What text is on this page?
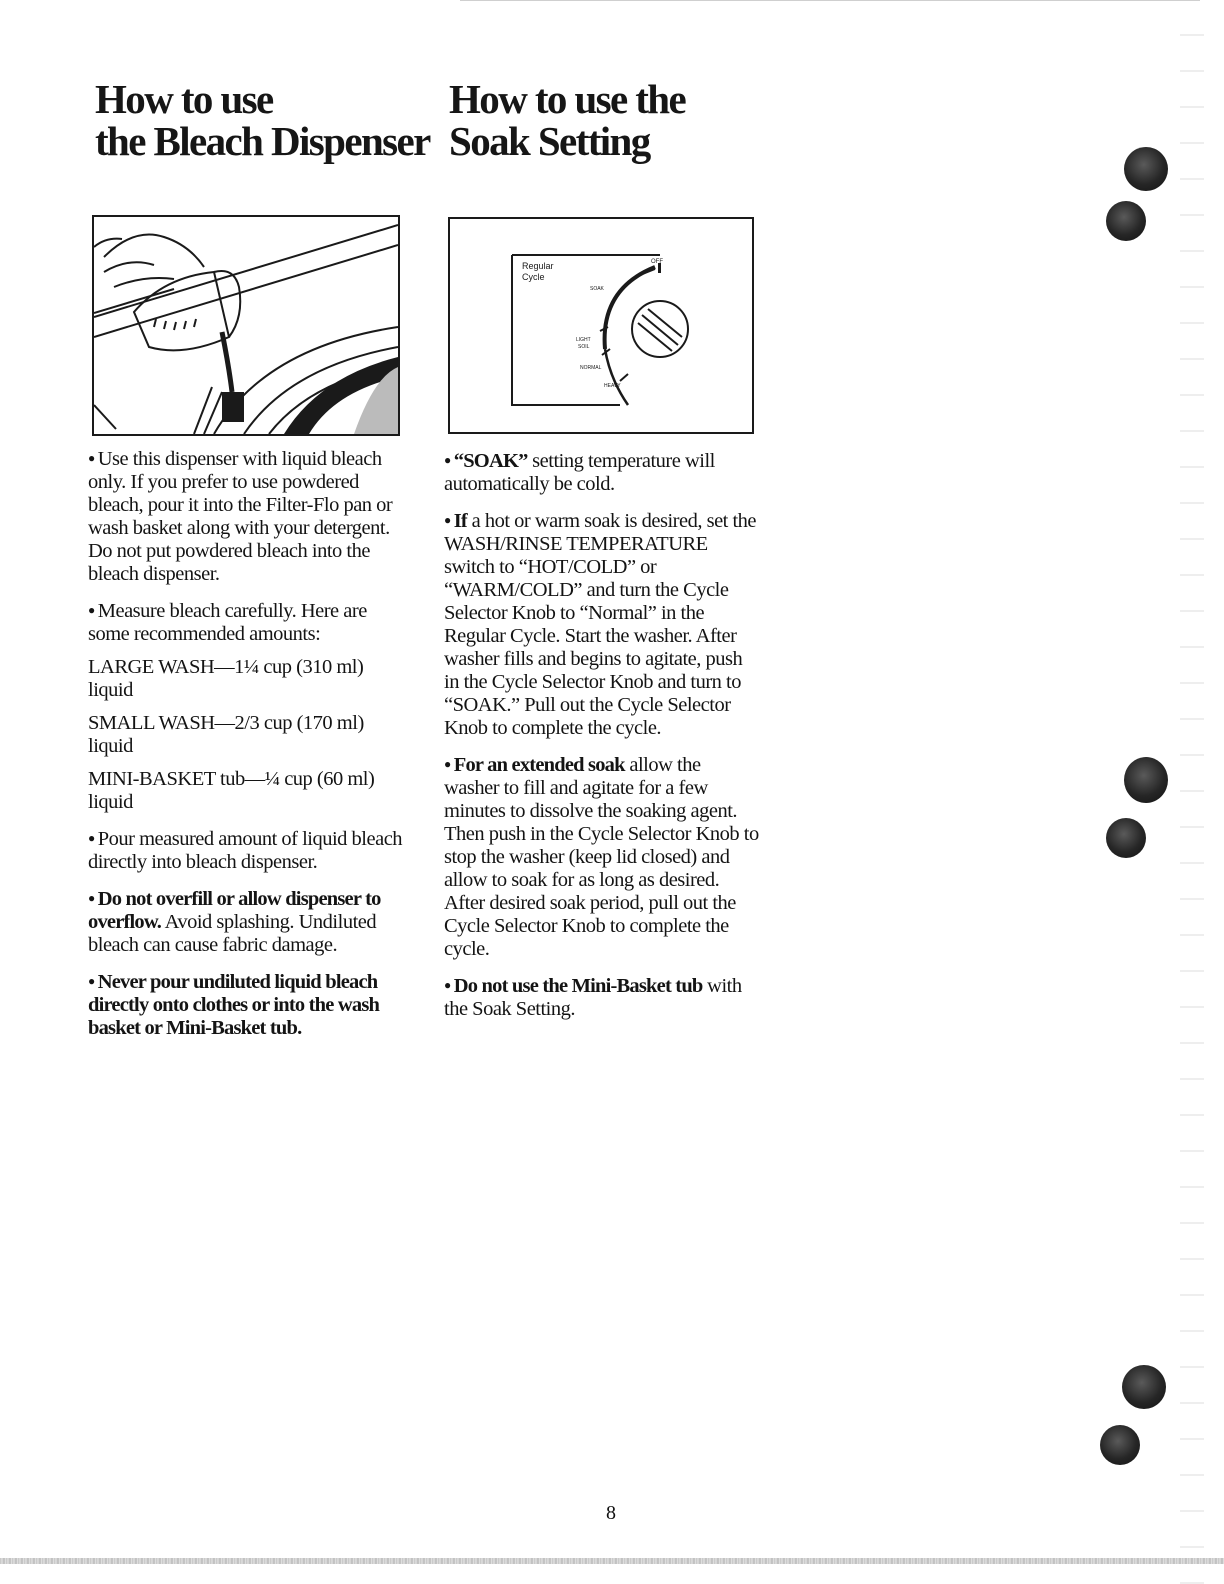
How to use
the Bleach Dispenser
How to use the
Soak Setting
Regular
Cycle
OFF
SOAK
LIGHT
SOIL
NORMAL
HEAVY

● Use this dispenser with liquid bleach only. If you prefer to use powdered bleach, pour it into the Filter-Flo pan or wash basket along with your detergent. Do not put powdered bleach into the bleach dispenser.

● Measure bleach carefully. Here are some recommended amounts:

LARGE WASH—1¼ cup (310 ml) liquid

SMALL WASH—2/3 cup (170 ml) liquid

MINI-BASKET tub—¼ cup (60 ml) liquid

● Pour measured amount of liquid bleach directly into bleach dispenser.

● Do not overfill or allow dispenser to overflow. Avoid splashing. Undiluted bleach can cause fabric damage.

● Never pour undiluted liquid bleach directly onto clothes or into the wash basket or Mini-Basket tub.

● “SOAK” setting temperature will automatically be cold.

● If a hot or warm soak is desired, set the WASH/RINSE TEMPERATURE switch to “HOT/COLD” or “WARM/COLD” and turn the Cycle Selector Knob to “Normal” in the Regular Cycle. Start the washer. After washer fills and begins to agitate, push in the Cycle Selector Knob and turn to “SOAK.” Pull out the Cycle Selector Knob to complete the cycle.

● For an extended soak allow the washer to fill and agitate for a few minutes to dissolve the soaking agent. Then push in the Cycle Selector Knob to stop the washer (keep lid closed) and allow to soak for as long as desired. After desired soak period, pull out the Cycle Selector Knob to complete the cycle.

● Do not use the Mini-Basket tub with the Soak Setting.

8
